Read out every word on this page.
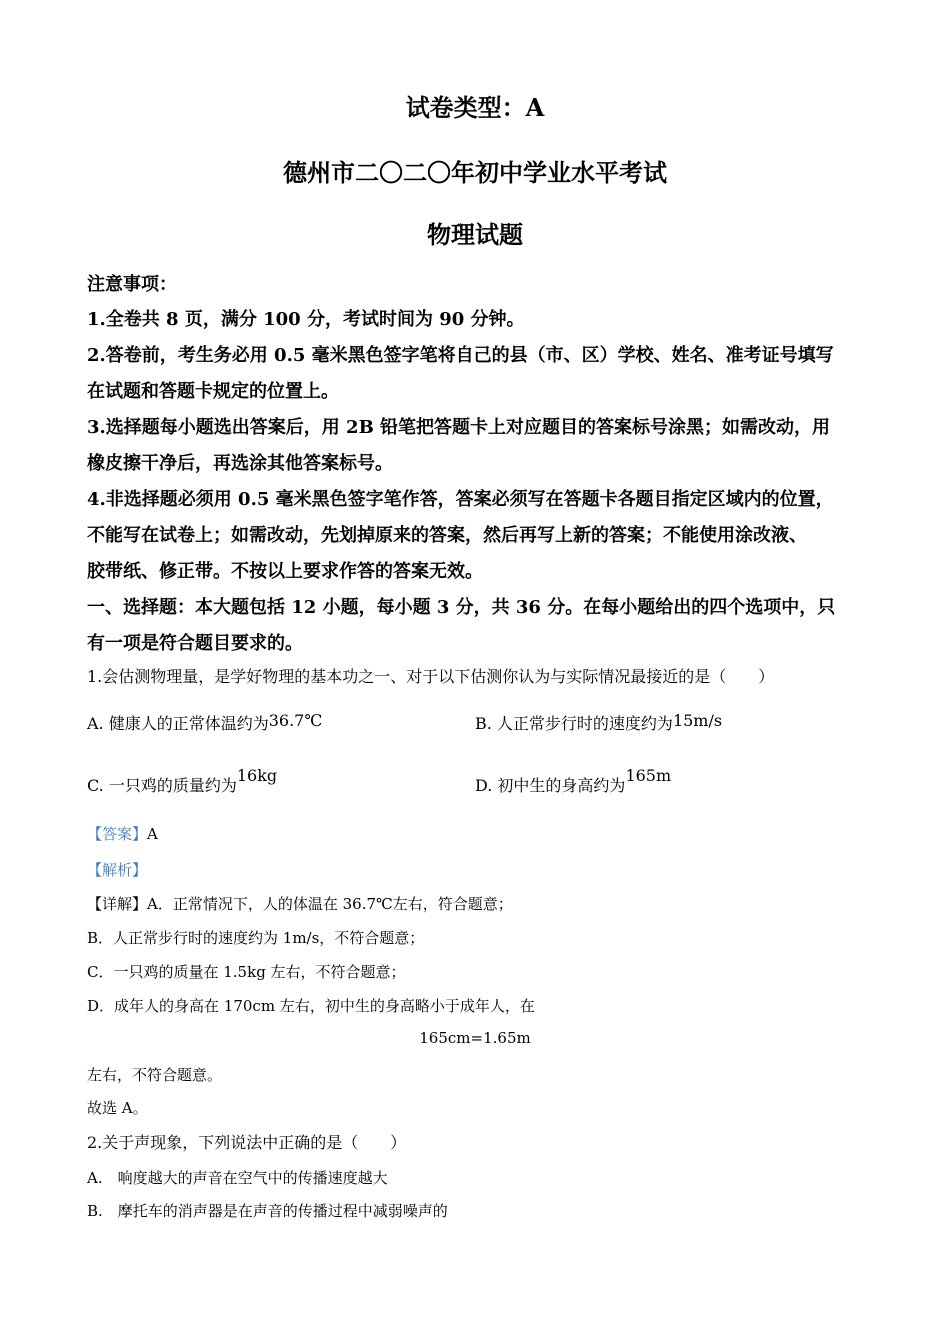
试卷类型：A
德州市二〇二〇年初中学业水平考试
物理试题
注意事项：
1.全卷共 8 页，满分 100 分，考试时间为 90 分钟。
2.答卷前，考生务必用 0.5 毫米黑色签字笔将自己的县（市、区）学校、姓名、准考证号填写
在试题和答题卡规定的位置上。
3.选择题每小题选出答案后，用 2B 铅笔把答题卡上对应题目的答案标号涂黑；如需改动，用
橡皮擦干净后，再选涂其他答案标号。
4.非选择题必须用 0.5 毫米黑色签字笔作答，答案必须写在答题卡各题目指定区域内的位置，
不能写在试卷上；如需改动，先划掉原来的答案，然后再写上新的答案；不能使用涂改液、
胶带纸、修正带。不按以上要求作答的答案无效。
一、选择题：本大题包括 12 小题，每小题 3 分，共 36 分。在每小题给出的四个选项中，只
有一项是符合题目要求的。
1.会估测物理量，是学好物理的基本功之一、对于以下估测你认为与实际情况最接近的是（　　）
A. 健康人的正常体温约为36.7℃	B. 人正常步行时的速度约为15m/s
C. 一只鸡的质量约为16kg
D. 初中生的身高约为165m
【答案】A
【解析】
【详解】A．正常情况下，人的体温在 36.7℃左右，符合题意；
B．人正常步行时的速度约为 1m/s，不符合题意；
C．一只鸡的质量在 1.5kg 左右，不符合题意；
D．成年人的身高在 170cm 左右，初中生的身高略小于成年人，在
165cm=1.65m
左右，不符合题意。
故选 A。
2.关于声现象，下列说法中正确的是（　　）
A.　响度越大的声音在空气中的传播速度越大
B.　摩托车的消声器是在声音的传播过程中减弱噪声的
